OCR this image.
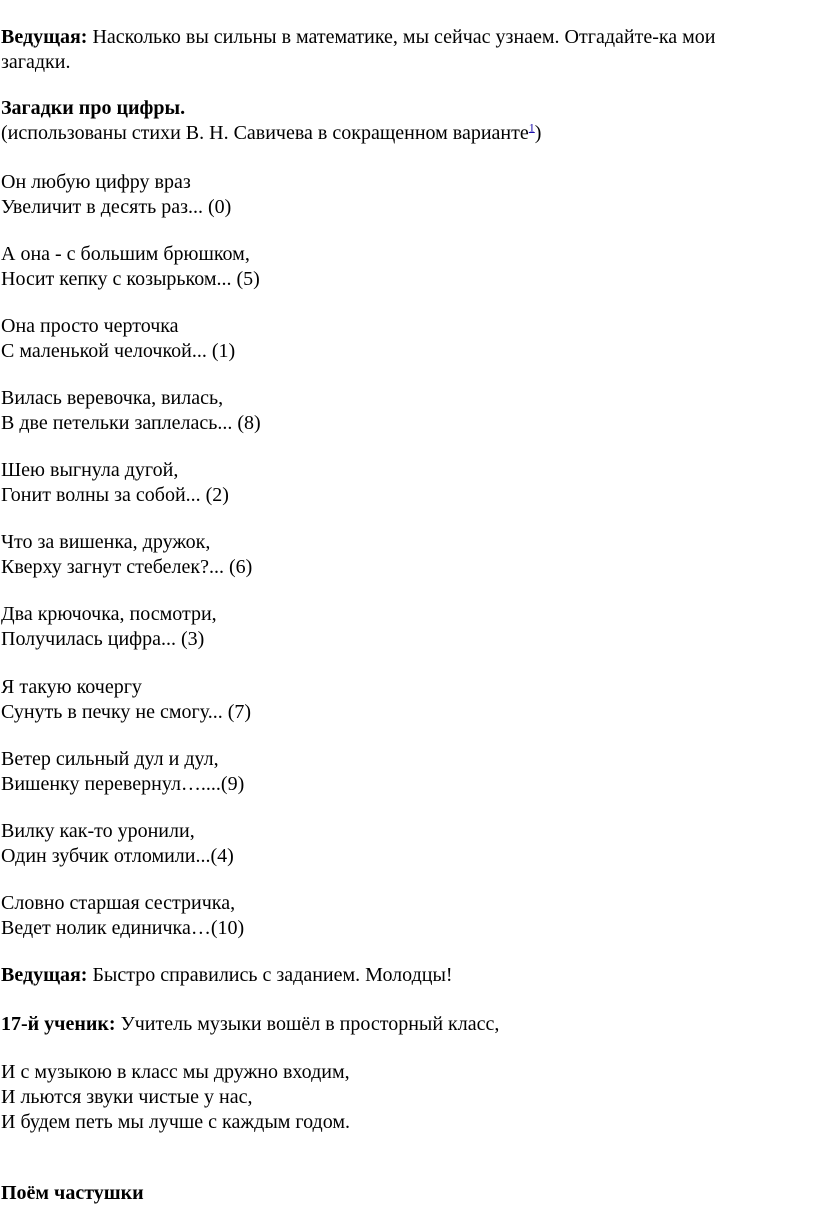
Ведущая: Насколько вы сильны в математике, мы сейчас узнаем. Отгадайте-ка мои
загадки.
Загадки про цифры.
(использованы стихи В. Н. Савичева в сокращенном варианте$^1$)
Он любую цифру враз
Увеличит в десять раз... (0)
А она - с большим брюшком,
Носит кепку с козырьком... (5)
Она просто черточка
С маленькой челочкой... (1)
Вилась веревочка, вилась,
В две петельки заплелась... (8)
Шею выгнула дугой,
Гонит волны за собой... (2)
Что за вишенка, дружок,
Кверху загнут стебелек?... (6)
Два крючочка, посмотри,
Получилась цифра... (3)
Я такую кочергу
Сунуть в печку не смогу... (7)
Ветер сильный дул и дул,
Вишенку перевернул…....(9)
Вилку как-то уронили,
Один зубчик отломили...(4)
Словно старшая сестричка,
Ведет нолик единичка…(10)
Ведущая: Быстро справились с заданием. Молодцы!
17-й ученик: Учитель музыки вошёл в просторный класс,
И с музыкою в класс мы дружно входим,
И льются звуки чистые у нас,
И будем петь мы лучше с каждым годом.
Поём частушки
